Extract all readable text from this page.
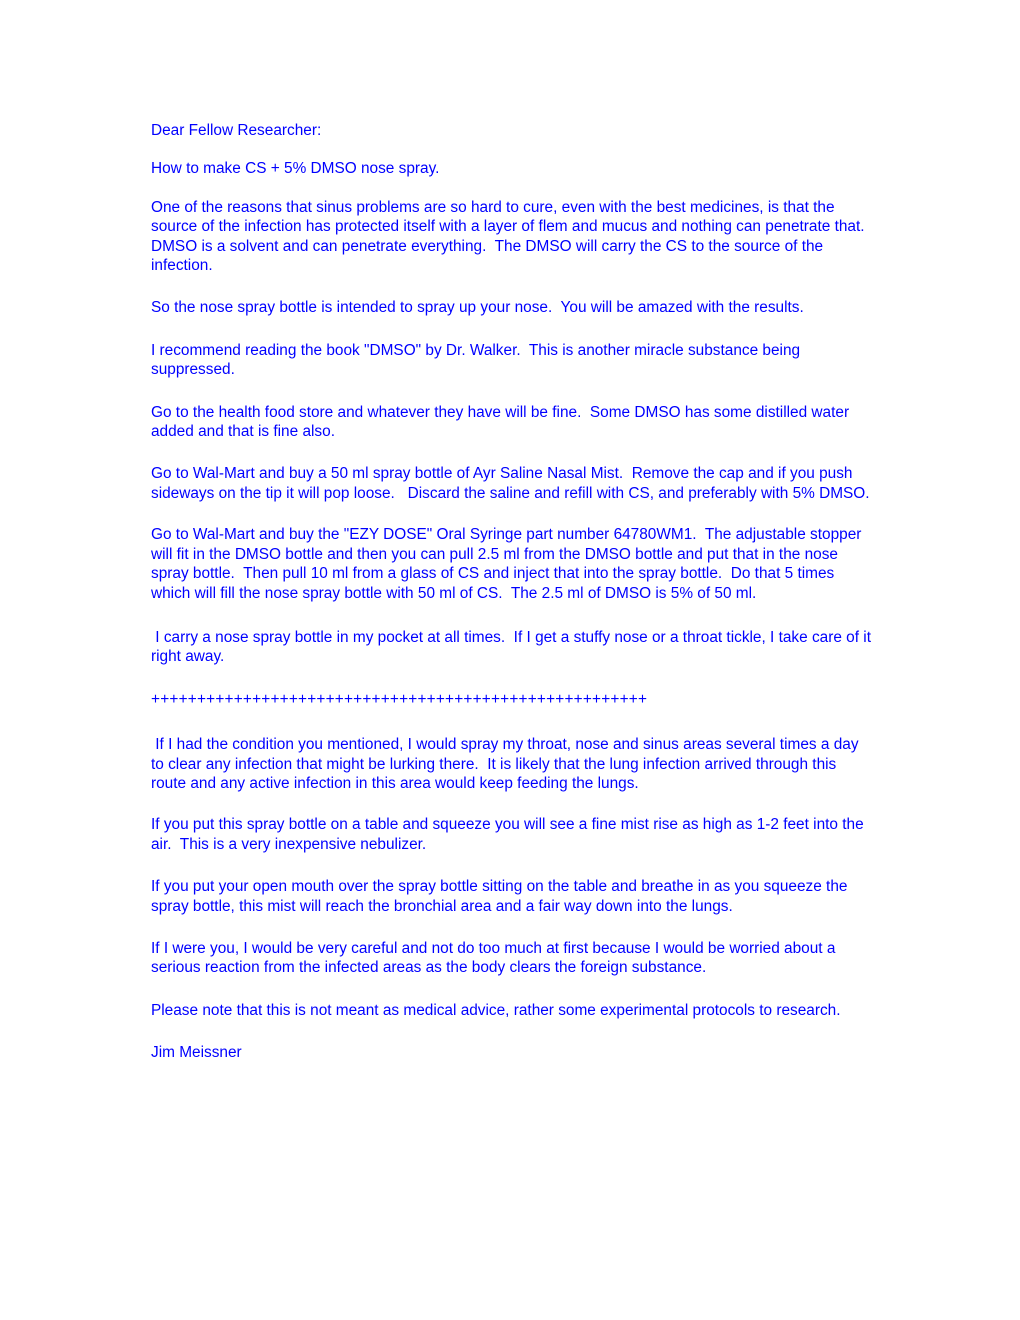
Dear Fellow Researcher:

How to make CS + 5% DMSO nose spray.

One of the reasons that sinus problems are so hard to cure, even with the best medicines, is that the source of the infection has protected itself with a layer of flem and mucus and nothing can penetrate that.  DMSO is a solvent and can penetrate everything.  The DMSO will carry the CS to the source of the infection.

So the nose spray bottle is intended to spray up your nose.  You will be amazed with the results.

I recommend reading the book "DMSO" by Dr. Walker.  This is another miracle substance being suppressed.

Go to the health food store and whatever they have will be fine.  Some DMSO has some distilled water added and that is fine also.

Go to Wal-Mart and buy a 50 ml spray bottle of Ayr Saline Nasal Mist.  Remove the cap and if you push sideways on the tip it will pop loose.   Discard the saline and refill with CS, and preferably with 5% DMSO.

Go to Wal-Mart and buy the "EZY DOSE" Oral Syringe part number 64780WM1.  The adjustable stopper will fit in the DMSO bottle and then you can pull 2.5 ml from the DMSO bottle and put that in the nose spray bottle.  Then pull 10 ml from a glass of CS and inject that into the spray bottle.  Do that 5 times which will fill the nose spray bottle with 50 ml of CS.  The 2.5 ml of DMSO is 5% of 50 ml.

I carry a nose spray bottle in my pocket at all times.  If I get a stuffy nose or a throat tickle, I take care of it right away.

++++++++++++++++++++++++++++++++++++++++++++++++++++++

If I had the condition you mentioned, I would spray my throat, nose and sinus areas several times a day to clear any infection that might be lurking there.  It is likely that the lung infection arrived through this route and any active infection in this area would keep feeding the lungs.

If you put this spray bottle on a table and squeeze you will see a fine mist rise as high as 1-2 feet into the air.  This is a very inexpensive nebulizer.

If you put your open mouth over the spray bottle sitting on the table and breathe in as you squeeze the spray bottle, this mist will reach the bronchial area and a fair way down into the lungs.

If I were you, I would be very careful and not do too much at first because I would be worried about a serious reaction from the infected areas as the body clears the foreign substance.

Please note that this is not meant as medical advice, rather some experimental protocols to research.

Jim Meissner
